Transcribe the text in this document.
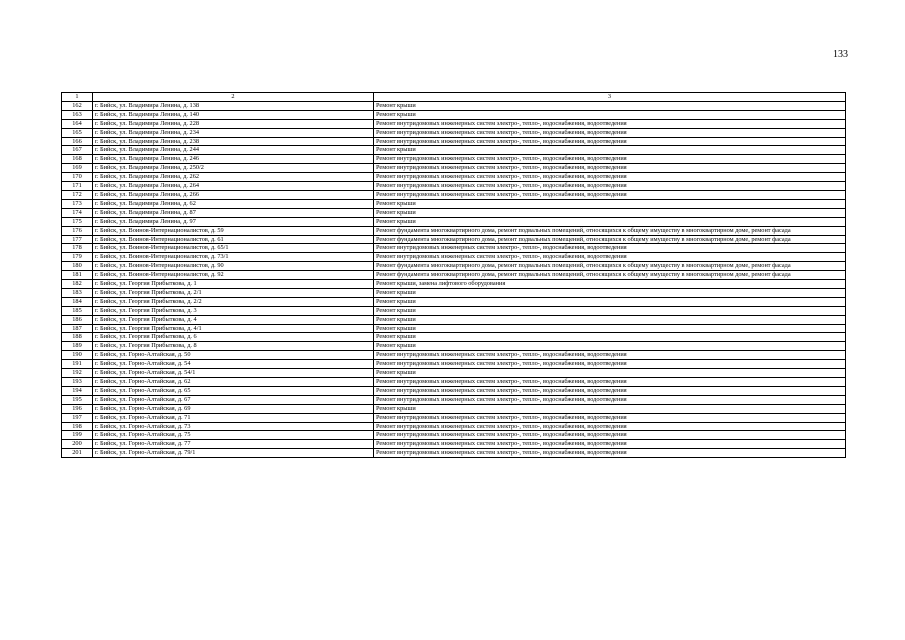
133
1	2	3
162	г. Бийск, ул. Владимира Ленина, д. 138	Ремонт крыши
163	г. Бийск, ул. Владимира Ленина, д. 140	Ремонт крыши
164	г. Бийск, ул. Владимира Ленина, д. 228	Ремонт внутридомовых инженерных систем электро-, тепло-, водоснабжения, водоотведения
165	г. Бийск, ул. Владимира Ленина, д. 234	Ремонт внутридомовых инженерных систем электро-, тепло-, водоснабжения, водоотведения
166	г. Бийск, ул. Владимира Ленина, д. 238	Ремонт внутридомовых инженерных систем электро-, тепло-, водоснабжения, водоотведения
167	г. Бийск, ул. Владимира Ленина, д. 244	Ремонт крыши
168	г. Бийск, ул. Владимира Ленина, д. 246	Ремонт внутридомовых инженерных систем электро-, тепло-, водоснабжения, водоотведения
169	г. Бийск, ул. Владимира Ленина, д. 250/2	Ремонт внутридомовых инженерных систем электро-, тепло-, водоснабжения, водоотведения
170	г. Бийск, ул. Владимира Ленина, д. 262	Ремонт внутридомовых инженерных систем электро-, тепло-, водоснабжения, водоотведения
171	г. Бийск, ул. Владимира Ленина, д. 264	Ремонт внутридомовых инженерных систем электро-, тепло-, водоснабжения, водоотведения
172	г. Бийск, ул. Владимира Ленина, д. 266	Ремонт внутридомовых инженерных систем электро-, тепло-, водоснабжения, водоотведения
173	г. Бийск, ул. Владимира Ленина, д. 62	Ремонт крыши
174	г. Бийск, ул. Владимира Ленина, д. 87	Ремонт крыши
175	г. Бийск, ул. Владимира Ленина, д. 97	Ремонт крыши
176	г. Бийск, ул. Воинов-Интернационалистов, д. 59	Ремонт фундамента многоквартирного дома, ремонт подвальных помещений, относящихся к общему имуществу в многоквартирном доме, ремонт фасада
177	г. Бийск, ул. Воинов-Интернационалистов, д. 61	Ремонт фундамента многоквартирного дома, ремонт подвальных помещений, относящихся к общему имуществу в многоквартирном доме, ремонт фасада
178	г. Бийск, ул. Воинов-Интернационалистов, д. 65/1	Ремонт внутридомовых инженерных систем электро-, тепло-, водоснабжения, водоотведения
179	г. Бийск, ул. Воинов-Интернационалистов, д. 73/1	Ремонт внутридомовых инженерных систем электро-, тепло-, водоснабжения, водоотведения
180	г. Бийск, ул. Воинов-Интернационалистов, д. 90	Ремонт фундамента многоквартирного дома, ремонт подвальных помещений, относящихся к общему имуществу в многоквартирном доме, ремонт фасада
181	г. Бийск, ул. Воинов-Интернационалистов, д. 92	Ремонт фундамента многоквартирного дома, ремонт подвальных помещений, относящихся к общему имуществу в многоквартирном доме, ремонт фасада
182	г. Бийск, ул. Георгия Прибыткова, д. 1	Ремонт крыши, замена лифтового оборудования
183	г. Бийск, ул. Георгия Прибыткова, д. 2/1	Ремонт крыши
184	г. Бийск, ул. Георгия Прибыткова, д. 2/2	Ремонт крыши
185	г. Бийск, ул. Георгия Прибыткова, д. 3	Ремонт крыши
186	г. Бийск, ул. Георгия Прибыткова, д. 4	Ремонт крыши
187	г. Бийск, ул. Георгия Прибыткова, д. 4/1	Ремонт крыши
188	г. Бийск, ул. Георгия Прибыткова, д. 6	Ремонт крыши
189	г. Бийск, ул. Георгия Прибыткова, д. 8	Ремонт крыши
190	г. Бийск, ул. Горно-Алтайская, д. 50	Ремонт внутридомовых инженерных систем электро-, тепло-, водоснабжения, водоотведения
191	г. Бийск, ул. Горно-Алтайская, д. 54	Ремонт внутридомовых инженерных систем электро-, тепло-, водоснабжения, водоотведения
192	г. Бийск, ул. Горно-Алтайская, д. 54/1	Ремонт крыши
193	г. Бийск, ул. Горно-Алтайская, д. 62	Ремонт внутридомовых инженерных систем электро-, тепло-, водоснабжения, водоотведения
194	г. Бийск, ул. Горно-Алтайская, д. 65	Ремонт внутридомовых инженерных систем электро-, тепло-, водоснабжения, водоотведения
195	г. Бийск, ул. Горно-Алтайская, д. 67	Ремонт внутридомовых инженерных систем электро-, тепло-, водоснабжения, водоотведения
196	г. Бийск, ул. Горно-Алтайская, д. 69	Ремонт крыши
197	г. Бийск, ул. Горно-Алтайская, д. 71	Ремонт внутридомовых инженерных систем электро-, тепло-, водоснабжения, водоотведения
198	г. Бийск, ул. Горно-Алтайская, д. 73	Ремонт внутридомовых инженерных систем электро-, тепло-, водоснабжения, водоотведения
199	г. Бийск, ул. Горно-Алтайская, д. 75	Ремонт внутридомовых инженерных систем электро-, тепло-, водоснабжения, водоотведения
200	г. Бийск, ул. Горно-Алтайская, д. 77	Ремонт внутридомовых инженерных систем электро-, тепло-, водоснабжения, водоотведения
201	г. Бийск, ул. Горно-Алтайская, д. 79/1	Ремонт внутридомовых инженерных систем электро-, тепло-, водоснабжения, водоотведения
